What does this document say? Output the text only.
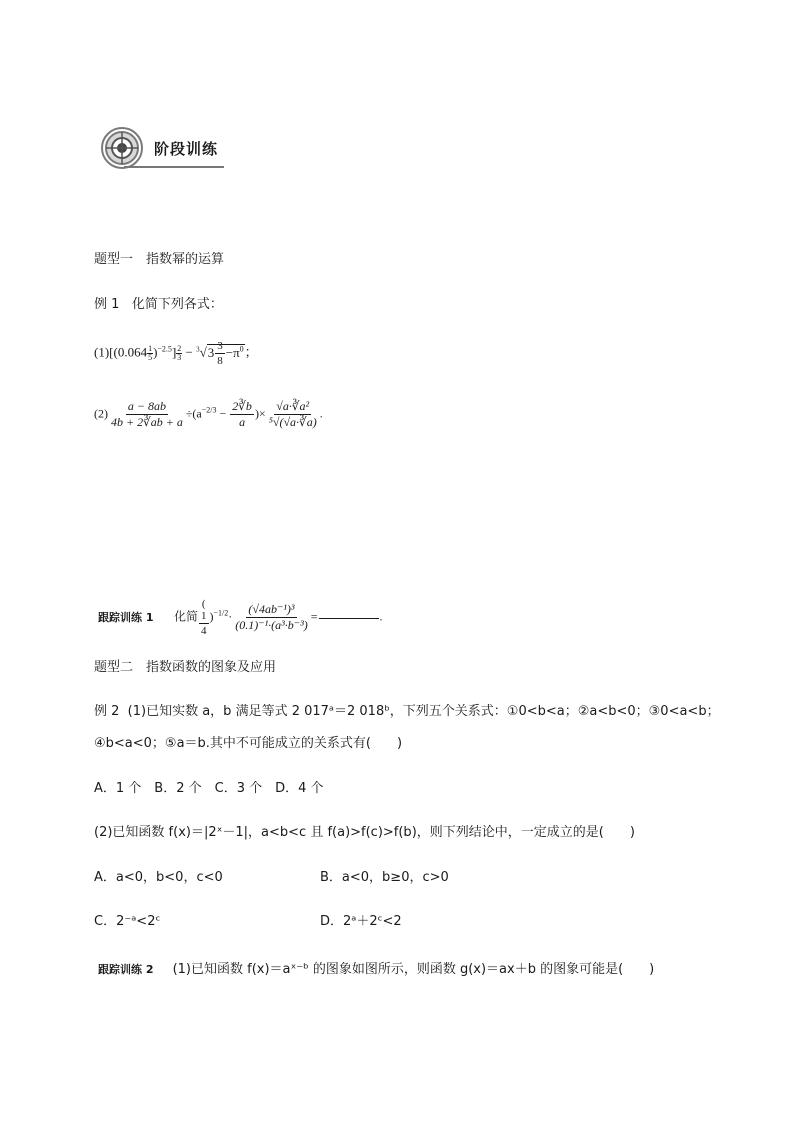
阶段训练
题型一　指数幂的运算
例 1 化简下列各式：
$(1)[(0.064 \frac{1}{5} )^{-2.5}] \frac{2}{3} - ^3√3 \frac{3}{8} -\pi^0$；
$(2) \frac{a - 8ab}{4b + 2∛ab + a} \div(a^{-2/3} - \frac{2∛b}{a}$ )× $\frac{\text{√a·∛a²}}{\text{⁵√(√a·∛a)}}$ .
$_{跟踪训练 1}$ 化简(
1
4
)$^{-1/2}\cdot \frac{\text{(√4ab⁻¹)³}}{\text{(0.1)⁻¹·(a³·b⁻³)}}$ =	.
题型二　指数函数的图象及应用
例 2 (1)已知实数 a，b 满足等式 2 017ᵃ＝2 018ᵇ，下列五个关系式：①0<b<a；②a<b<0；③0<a<b；
④b<a<0；⑤a＝b.其中不可能成立的关系式有(　　)
A．1 个　B．2 个　C．3 个　D．4 个
(2)已知函数 f(x)＝|2ˣ－1|，a<b<c 且 f(a)>f(c)>f(b)，则下列结论中，一定成立的是(　　)
A．a<0，b<0，c<0	B．a<0，b≥0，c>0
C．2⁻ᵃ<2ᶜ	D．2ᵃ＋2ᶜ<2
跟踪训练 2 (1)已知函数 f(x)＝aˣ⁻ᵇ 的图象如图所示，则函数 g(x)＝ax＋b 的图象可能是(　　)
